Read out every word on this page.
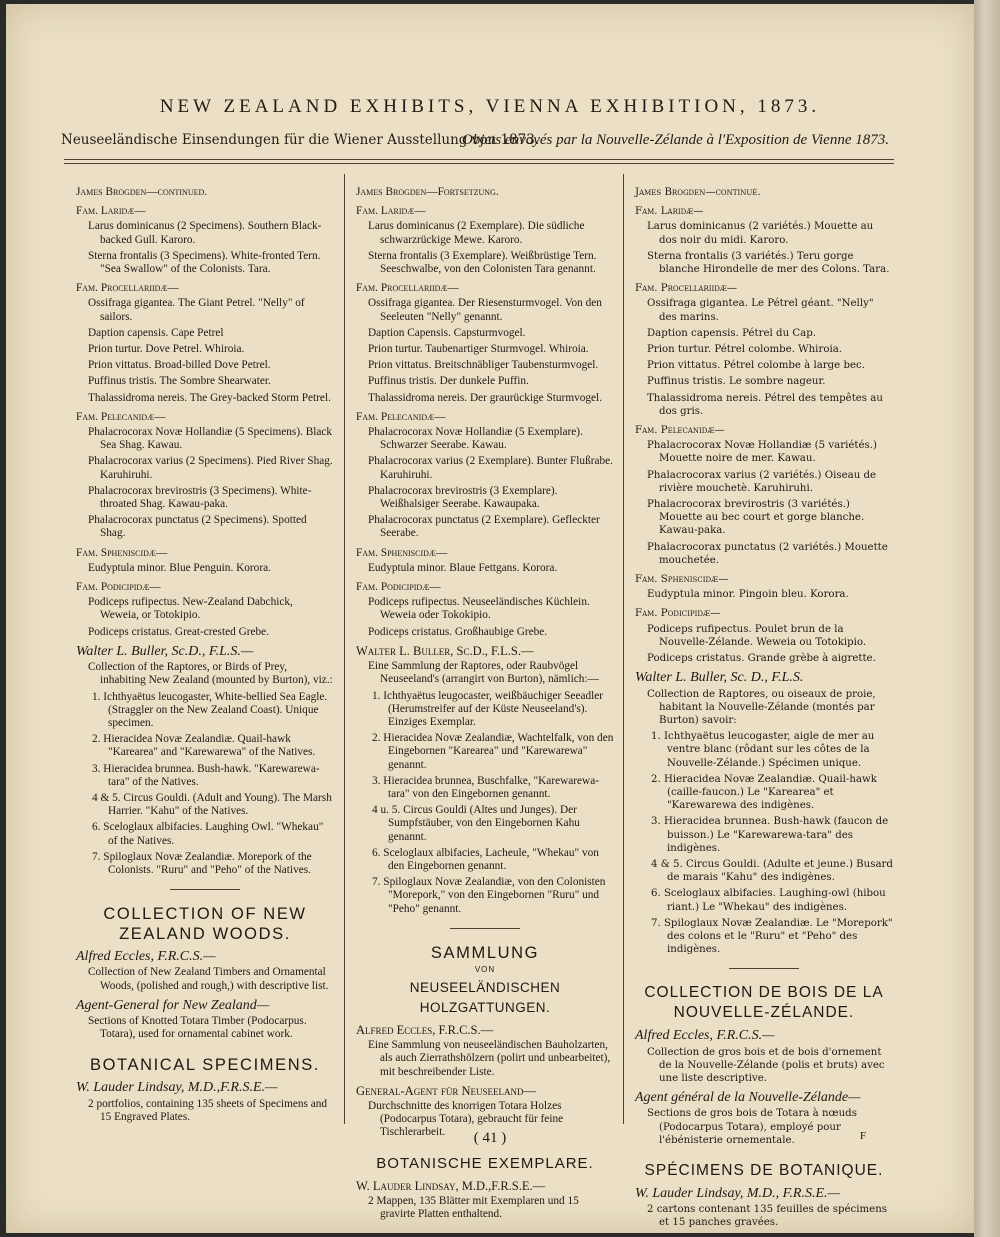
NEW ZEALAND EXHIBITS, VIENNA EXHIBITION, 1873.
Neuseeländische Einsendungen für die Wiener Ausstellung von 1873.
Objets envoyés par la Nouvelle-Zélande à l'Exposition de Vienne 1873.

James Brogden—continued.

Fam. Laridæ—

Larus dominicanus (2 Specimens). Southern Black-backed Gull. Karoro.

Sterna frontalis (3 Specimens). White-fronted Tern. "Sea Swallow" of the Colonists. Tara.

Fam. Procellariidæ—

Ossifraga gigantea. The Giant Petrel. "Nelly" of sailors.

Daption capensis. Cape Petrel

Prion turtur. Dove Petrel. Whiroia.

Prion vittatus. Broad-billed Dove Petrel.

Puffinus tristis. The Sombre Shearwater.

Thalassidroma nereis. The Grey-backed Storm Petrel.

Fam. Pelecanidæ—

Phalacrocorax Novæ Hollandiæ (5 Specimens). Black Sea Shag. Kawau.

Phalacrocorax varius (2 Specimens). Pied River Shag. Karuhiruhi.

Phalacrocorax brevirostris (3 Specimens). White-throated Shag. Kawau-paka.

Phalacrocorax punctatus (2 Specimens). Spotted Shag.

Fam. Spheniscidæ—

Eudyptula minor. Blue Penguin. Korora.

Fam. Podicipidæ—

Podiceps rufipectus. New-Zealand Dabchick, Weweia, or Totokipio.

Podiceps cristatus. Great-crested Grebe.

Walter L. Buller, Sc.D., F.L.S.—

Collection of the Raptores, or Birds of Prey, inhabiting New Zealand (mounted by Burton), viz.:

1. Ichthyaëtus leucogaster, White-bellied Sea Eagle. (Straggler on the New Zealand Coast). Unique specimen.

2. Hieracidea Novæ Zealandiæ. Quail-hawk "Karearea" and "Karewarewa" of the Natives.

3. Hieracidea brunnea. Bush-hawk. "Karewarewa-tara" of the Natives.

4 & 5. Circus Gouldi. (Adult and Young). The Marsh Harrier. "Kahu" of the Natives.

6. Sceloglaux albifacies. Laughing Owl. "Whekau" of the Natives.

7. Spiloglaux Novæ Zealandiæ. Morepork of the Colonists. "Ruru" and "Peho" of the Natives.

COLLECTION OF NEW ZEALAND WOODS.

Alfred Eccles, F.R.C.S.—

Collection of New Zealand Timbers and Ornamental Woods, (polished and rough,) with descriptive list.

Agent-General for New Zealand—

Sections of Knotted Totara Timber (Podocarpus. Totara), used for ornamental cabinet work.

BOTANICAL SPECIMENS.

W. Lauder Lindsay, M.D.,F.R.S.E.—

2 portfolios, containing 135 sheets of Specimens and 15 Engraved Plates.

James Brogden—Fortsetzung.

Fam. Laridæ—

Larus dominicanus (2 Exemplare). Die südliche schwarzrückige Mewe. Karoro.

Sterna frontalis (3 Exemplare). Weißbrüstige Tern. Seeschwalbe, von den Colonisten Tara genannt.

Fam. Procellariidæ—

Ossifraga gigantea. Der Riesensturmvogel. Von den Seeleuten "Nelly" genannt.

Daption Capensis. Capsturmvogel.

Prion turtur. Taubenartiger Sturmvogel. Whiroia.

Prion vittatus. Breitschnäbliger Taubensturmvogel.

Puffinus tristis. Der dunkele Puffin.

Thalassidroma nereis. Der graurückige Sturmvogel.

Fam. Pelecanidæ—

Phalacrocorax Novæ Hollandiæ (5 Exemplare). Schwarzer Seerabe. Kawau.

Phalacrocorax varius (2 Exemplare). Bunter Flußrabe. Karuhiruhi.

Phalacrocorax brevirostris (3 Exemplare). Weißhalsiger Seerabe. Kawaupaka.

Phalacrocorax punctatus (2 Exemplare). Gefleckter Seerabe.

Fam. Spheniscidæ—

Eudyptula minor. Blaue Fettgans. Korora.

Fam. Podicipidæ—

Podiceps rufipectus. Neuseeländisches Küchlein. Weweia oder Tokokipio.

Podiceps cristatus. Großhaubige Grebe.

Walter L. Buller, Sc.D., F.L.S.—

Eine Sammlung der Raptores, oder Raubvögel Neuseeland's (arrangirt von Burton), nämlich:—

1. Ichthyaëtus leugocaster, weißbäuchiger Seeadler (Herumstreifer auf der Küste Neuseeland's). Einziges Exemplar.

2. Hieracidea Novæ Zealandiæ, Wachtelfalk, von den Eingebornen "Karearea" und "Karewarewa" genannt.

3. Hieracidea brunnea, Buschfalke, "Karewarewa-tara" von den Eingebornen genannt.

4 u. 5. Circus Gouldi (Altes und Junges). Der Sumpfstäuber, von den Eingebornen Kahu genannt.

6. Sceloglaux albifacies, Lacheule, "Whekau" von den Eingebornen genannt.

7. Spiloglaux Novæ Zealandiæ, von den Colonisten "Morepork," von den Eingebornen "Ruru" und "Peho" genannt.

SAMMLUNG

VON

NEUSEELÄNDISCHEN HOLZGATTUNGEN.

Alfred Eccles, F.R.C.S.—

Eine Sammlung von neuseeländischen Bauholzarten, als auch Zierrathshölzern (polirt und unbearbeitet), mit beschreibender Liste.

General-Agent für Neuseeland—

Durchschnitte des knorrigen Totara Holzes (Podocarpus Totara), gebraucht für feine Tischlerarbeit.

BOTANISCHE EXEMPLARE.

W. Lauder Lindsay, M.D.,F.R.S.E.—

2 Mappen, 135 Blätter mit Exemplaren und 15 gravirte Platten enthaltend.

James Brogden—continué.

Fam. Laridæ—

Larus dominicanus (2 variétés.) Mouette au dos noir du midi. Karoro.

Sterna frontalis (3 variétés.) Teru gorge blanche Hirondelle de mer des Colons. Tara.

Fam. Procellariidæ—

Ossifraga gigantea. Le Pétrel géant. "Nelly" des marins.

Daption capensis. Pétrel du Cap.

Prion turtur. Pétrel colombe. Whiroia.

Prion vittatus. Pétrel colombe à large bec.

Puffinus tristis. Le sombre nageur.

Thalassidroma nereis. Pétrel des tempêtes au dos gris.

Fam. Pelecanidæ—

Phalacrocorax Novæ Hollandiæ (5 variétés.) Mouette noire de mer. Kawau.

Phalacrocorax varius (2 variétés.) Oiseau de rivière mouchetè. Karuhiruhi.

Phalacrocorax brevirostris (3 variétés.) Mouette au bec court et gorge blanche. Kawau-paka.

Phalacrocorax punctatus (2 variétés.) Mouette mouchetée.

Fam. Spheniscidæ—

Eudyptula minor. Pingoin bleu. Korora.

Fam. Podicipidæ—

Podiceps rufipectus. Poulet brun de la Nouvelle-Zélande. Weweia ou Totokipio.

Podiceps cristatus. Grande grèbe à aigrette.

Walter L. Buller, Sc. D., F.L.S.

Collection de Raptores, ou oiseaux de proie, habitant la Nouvelle-Zélande (montés par Burton) savoir:

1. Ichthyaëtus leucogaster, aigle de mer au ventre blanc (rôdant sur les côtes de la Nouvelle-Zélande.) Spécimen unique.

2. Hieracidea Novæ Zealandiæ. Quail-hawk (caille-faucon.) Le "Karearea" et "Karewarewa des indigènes.

3. Hieracidea brunnea. Bush-hawk (faucon de buisson.) Le "Karewarewa-tara" des indigènes.

4 & 5. Circus Gouldi. (Adulte et jeune.) Busard de marais "Kahu" des indigènes.

6. Sceloglaux albifacies. Laughing-owl (hibou riant.) Le "Whekau" des indigènes.

7. Spiloglaux Novæ Zealandiæ. Le "Morepork" des colons et le "Ruru" et "Peho" des indigènes.

COLLECTION DE BOIS DE LA NOUVELLE-ZÉLANDE.

Alfred Eccles, F.R.C.S.—

Collection de gros bois et de bois d'ornement de la Nouvelle-Zélande (polis et bruts) avec une liste descriptive.

Agent général de la Nouvelle-Zélande—

Sections de gros bois de Totara à nœuds (Podocarpus Totara), employé pour l'ébénisterie ornementale.

SPÉCIMENS DE BOTANIQUE.

W. Lauder Lindsay, M.D., F.R.S.E.—

2 cartons contenant 135 feuilles de spécimens et 15 panches gravées.

( 41 )	F
